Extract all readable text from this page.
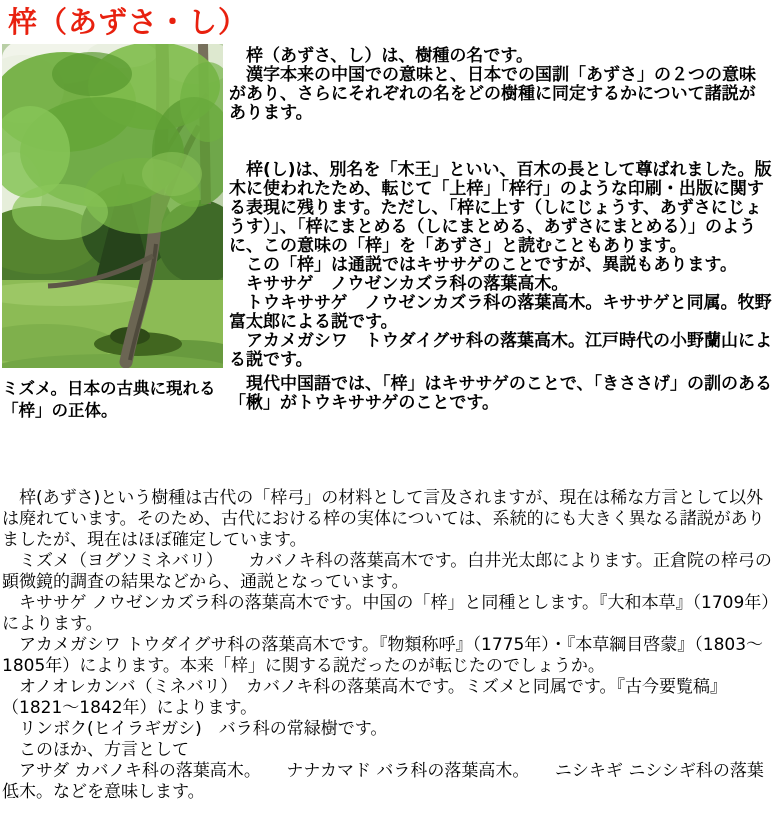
梓（あずさ・し）
ミズメ。日本の古典に現れる「梓」の正体。

　梓（あずさ、し）は、樹種の名です。

　漢字本来の中国での意味と、日本での国訓「あずさ」の２つの意味があり、さらにそれぞれの名をどの樹種に同定するかについて諸説があります。

　梓(し)は、別名を「木王」といい、百木の長として尊ばれました。版木に使われたため、転じて「上梓」「梓行」のような印刷・出版に関する表現に残ります。ただし、「梓に上す（しにじょうす、あずさにじょうす）」、「梓にまとめる（しにまとめる、あずさにまとめる）」のように、この意味の「梓」を「あずさ」と読むこともあります。

　この「梓」は通説ではキササゲのことですが、異説もあります。

　キササゲ　ノウゼンカズラ科の落葉高木。

　トウキササゲ　ノウゼンカズラ科の落葉高木。キササゲと同属。牧野富太郎による説です。

　アカメガシワ　トウダイグサ科の落葉高木。江戸時代の小野蘭山による説です。

　現代中国語では、「梓」はキササゲのことで、「きささげ」の訓のある「楸」がトウキササゲのことです。

　梓(あずさ)という樹種は古代の「梓弓」の材料として言及されますが、現在は稀な方言として以外は廃れています。そのため、古代における梓の実体については、系統的にも大きく異なる諸説がありましたが、現在はほぼ確定しています。

　ミズメ（ヨグソミネバリ）　　カバノキ科の落葉高木です。白井光太郎によります。正倉院の梓弓の顕微鏡的調査の結果などから、通説となっています。

　キササゲ ノウゼンカズラ科の落葉高木です。中国の「梓」と同種とします。『大和本草』（1709年）によります。

　アカメガシワ トウダイグサ科の落葉高木です。『物類称呼』（1775年）・『本草綱目啓蒙』（1803〜1805年）によります。本来「梓」に関する説だったのが転じたのでしょうか。

　オノオレカンバ（ミネバリ）　カバノキ科の落葉高木です。ミズメと同属です。『古今要覧稿』（1821〜1842年）によります。

　リンボク(ヒイラギガシ)　バラ科の常緑樹です。

　このほか、方言として

　アサダ カバノキ科の落葉高木。　　ナナカマド バラ科の落葉高木。　　ニシキギ ニシシギ科の落葉低木。などを意味します。
